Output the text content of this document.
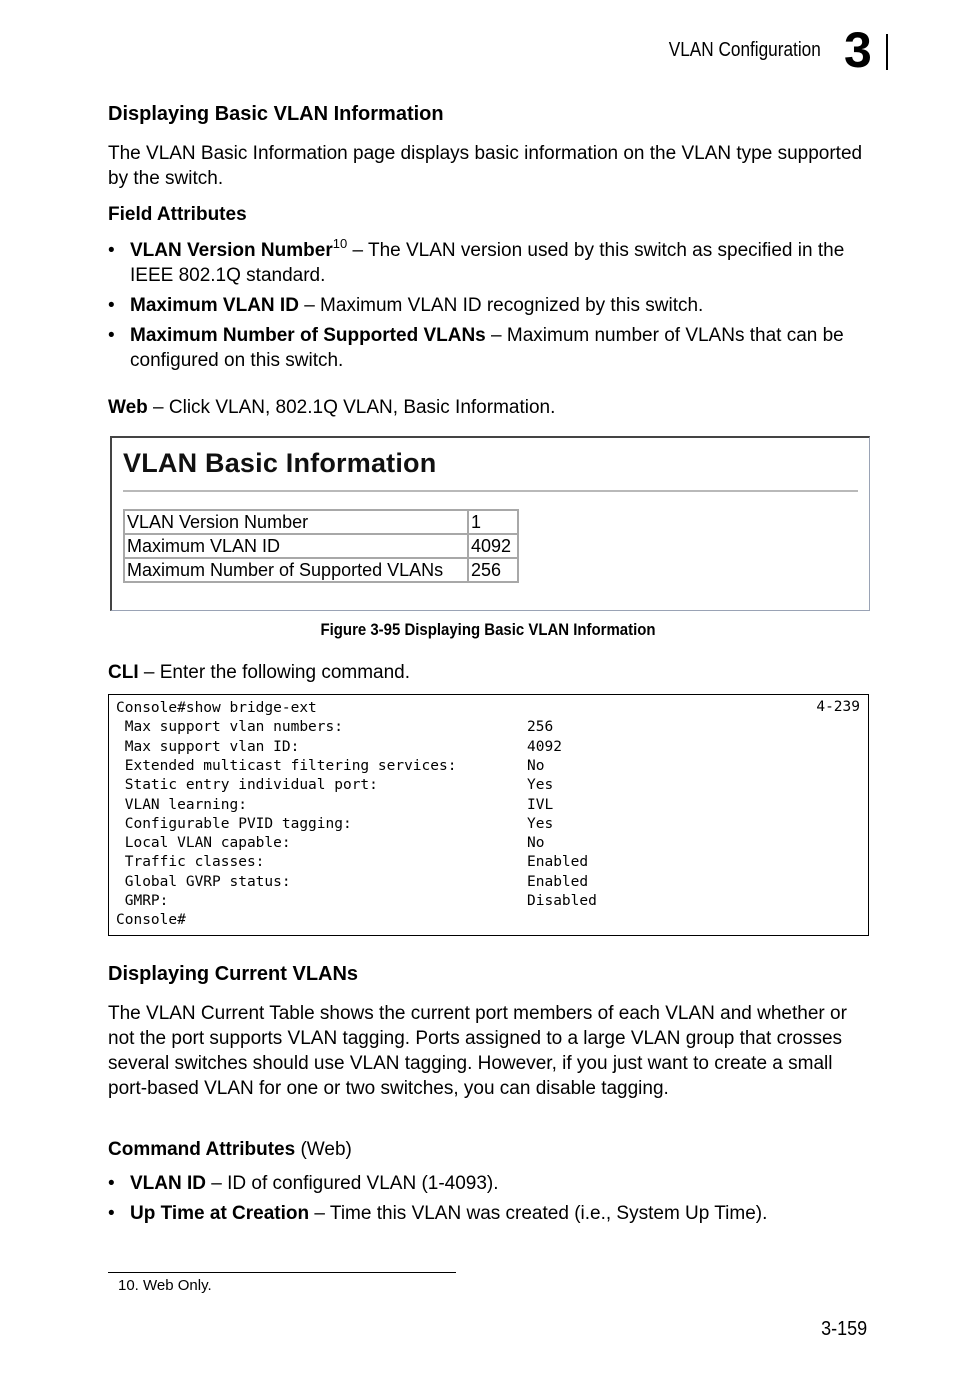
VLAN Configuration 3
Displaying Basic VLAN Information

The VLAN Basic Information page displays basic information on the VLAN type supported by the switch.

Field Attributes
• VLAN Version Number$^{10}$ – The VLAN version used by this switch as specified in the IEEE 802.1Q standard.
• Maximum VLAN ID – Maximum VLAN ID recognized by this switch.
• Maximum Number of Supported VLANs – Maximum number of VLANs that can be configured on this switch.
Web – Click VLAN, 802.1Q VLAN, Basic Information.
VLAN Basic Information
VLAN Version Number	1
Maximum VLAN ID	4092
Maximum Number of Supported VLANs	256
Figure 3-95 Displaying Basic VLAN Information
CLI – Enter the following command.
Console#show bridge-ext	4-239
Max support vlan numbers:	256
Max support vlan ID:	4092
Extended multicast filtering services:	No
Static entry individual port:	Yes
VLAN learning:	IVL
Configurable PVID tagging:	Yes
Local VLAN capable:	No
Traffic classes:	Enabled
Global GVRP status:	Enabled
GMRP:	Disabled
Console#
Displaying Current VLANs

The VLAN Current Table shows the current port members of each VLAN and whether or not the port supports VLAN tagging. Ports assigned to a large VLAN group that crosses several switches should use VLAN tagging. However, if you just want to create a small port-based VLAN for one or two switches, you can disable tagging.

Command Attributes (Web)
• VLAN ID – ID of configured VLAN (1-4093).
• Up Time at Creation – Time this VLAN was created (i.e., System Up Time).
10. Web Only.
3-159
